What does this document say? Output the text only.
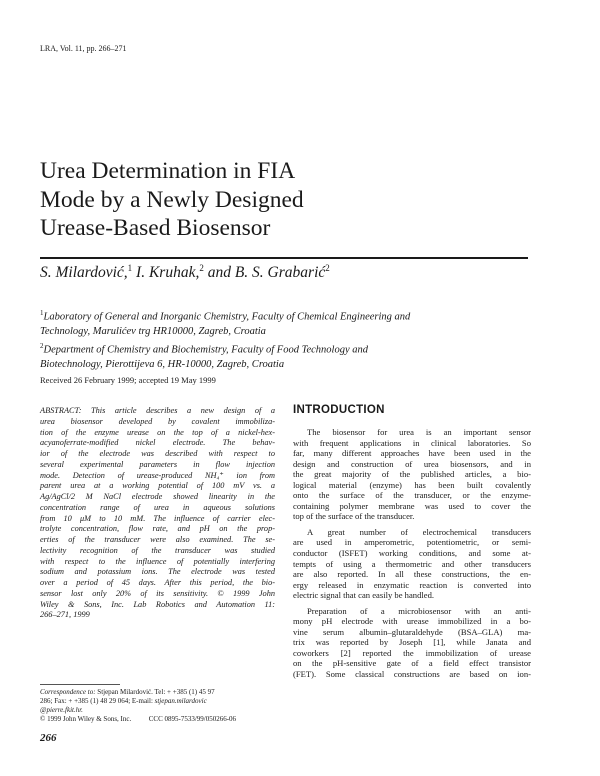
LRA, Vol. 11, pp. 266–271
Urea Determination in FIA
Mode by a Newly Designed
Urease-Based Biosensor
S. Milardović,$^1$ I. Kruhak,$^2$ and B. S. Grabarić$^2$
$^1$Laboratory of General and Inorganic Chemistry, Faculty of Chemical Engineering and
Technology, Marulićev trg HR10000, Zagreb, Croatia
$^2$Department of Chemistry and Biochemistry, Faculty of Food Technology and
Biotechnology, Pierottijeva 6, HR-10000, Zagreb, Croatia
Received 26 February 1999; accepted 19 May 1999
ABSTRACT: This article describes a new design of a
urea biosensor developed by covalent immobiliza-
tion of the enzyme urease on the top of a nickel-hex-
acyanoferrate-modified nickel electrode. The behav-
ior of the electrode was described with respect to
several experimental parameters in flow injection
mode. Detection of urease-produced NH₄⁺ ion from
parent urea at a working potential of 100 mV vs. a
Ag/AgCl/2 M NaCl electrode showed linearity in the
concentration range of urea in aqueous solutions
from 10 μM to 10 mM. The influence of carrier elec-
trolyte concentration, flow rate, and pH on the prop-
erties of the transducer were also examined. The se-
lectivity recognition of the transducer was studied
with respect to the influence of potentially interfering
sodium and potassium ions. The electrode was tested
over a period of 45 days. After this period, the bio-
sensor lost only 20% of its sensitivity. © 1999 John
Wiley & Sons, Inc. Lab Robotics and Automation 11:
266–271, 1999
INTRODUCTION
The biosensor for urea is an important sensor
with frequent applications in clinical laboratories. So
far, many different approaches have been used in the
design and construction of urea biosensors, and in
the great majority of the published articles, a bio-
logical material (enzyme) has been built covalently
onto the surface of the transducer, or the enzyme-
containing polymer membrane was used to cover the
top of the surface of the transducer.
A great number of electrochemical transducers
are used in amperometric, potentiometric, or semi-
conductor (ISFET) working conditions, and some at-
tempts of using a thermometric and other transducers
are also reported. In all these constructions, the en-
ergy released in enzymatic reaction is converted into
electric signal that can easily be handled.
Preparation of a microbiosensor with an anti-
mony pH electrode with urease immobilized in a bo-
vine serum albumin–glutaraldehyde (BSA–GLA) ma-
trix was reported by Joseph [1], while Janata and
coworkers [2] reported the immobilization of urease
on the pH-sensitive gate of a field effect transistor
(FET). Some classical constructions are based on ion-
Correspondence to: Stjepan Milardović. Tel: + +385 (1) 45 97
286; Fax: + +385 (1) 48 29 064; E-mail: stjepan.milardovic
@pierre.fkit.hr.
© 1999 John Wiley & Sons, Inc.          CCC 0895-7533/99/050266-06
266
